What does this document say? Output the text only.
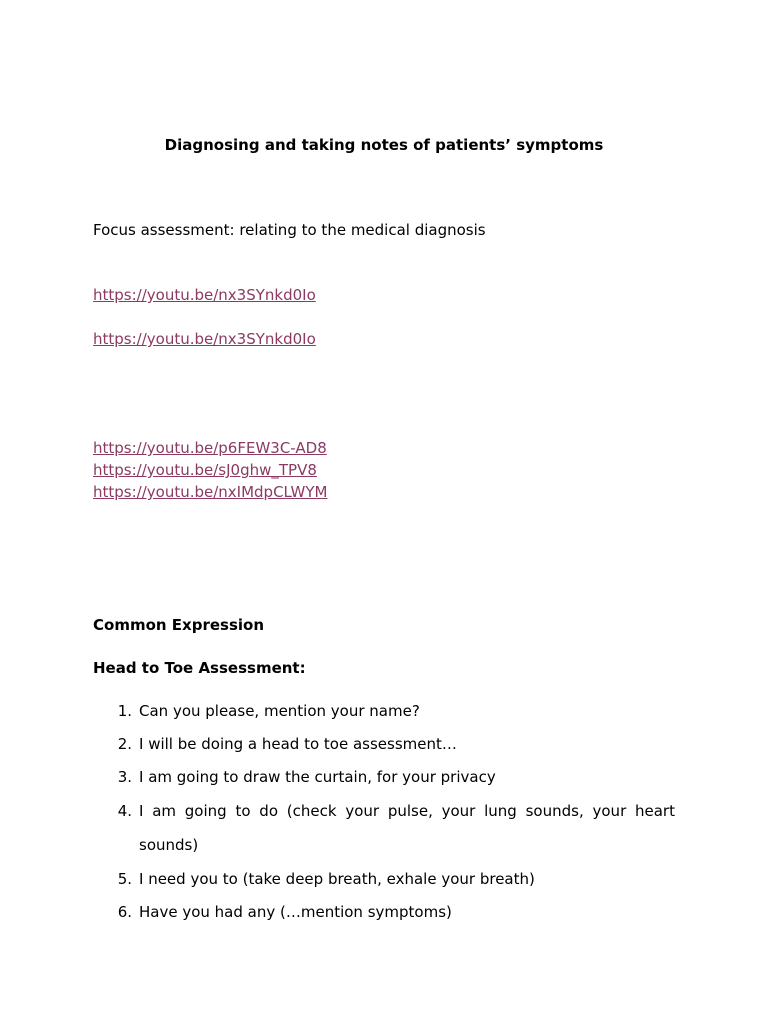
Diagnosing and taking notes of patients’ symptoms
Focus assessment: relating to the medical diagnosis
https://youtu.be/nx3SYnkd0Io
https://youtu.be/nx3SYnkd0Io
https://youtu.be/p6FEW3C-AD8
https://youtu.be/sJ0ghw_TPV8
https://youtu.be/nxIMdpCLWYM
Common Expression
Head to Toe Assessment:
1. Can you please, mention your name?
2. I will be doing a head to toe assessment…
3. I am going to draw the curtain, for your privacy
4. I am going to do (check your pulse, your lung sounds, your heart
sounds)
5. I need you to (take deep breath, exhale your breath)
6. Have you had any (…mention symptoms)
